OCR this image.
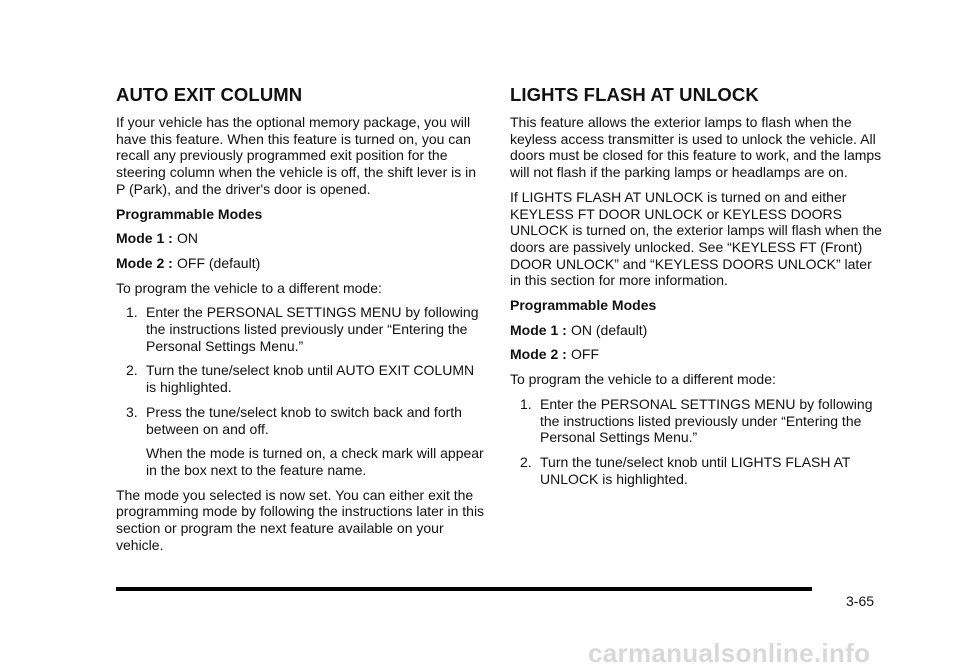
AUTO EXIT COLUMN

If your vehicle has the optional memory package, you will have this feature. When this feature is turned on, you can recall any previously programmed exit position for the steering column when the vehicle is off, the shift lever is in P (Park), and the driver's door is opened.

Programmable Modes

Mode 1 : ON
Mode 2 : OFF (default)

To program the vehicle to a different mode:

1. Enter the PERSONAL SETTINGS MENU by following the instructions listed previously under “Entering the Personal Settings Menu.”
2. Turn the tune/select knob until AUTO EXIT COLUMN is highlighted.
3. Press the tune/select knob to switch back and forth between on and off.

When the mode is turned on, a check mark will appear in the box next to the feature name.

The mode you selected is now set. You can either exit the programming mode by following the instructions later in this section or program the next feature available on your vehicle.

LIGHTS FLASH AT UNLOCK

This feature allows the exterior lamps to flash when the keyless access transmitter is used to unlock the vehicle. All doors must be closed for this feature to work, and the lamps will not flash if the parking lamps or headlamps are on.

If LIGHTS FLASH AT UNLOCK is turned on and either KEYLESS FT DOOR UNLOCK or KEYLESS DOORS UNLOCK is turned on, the exterior lamps will flash when the doors are passively unlocked. See “KEYLESS FT (Front) DOOR UNLOCK” and “KEYLESS DOORS UNLOCK” later in this section for more information.

Programmable Modes

Mode 1 : ON (default)
Mode 2 : OFF

To program the vehicle to a different mode:

1. Enter the PERSONAL SETTINGS MENU by following the instructions listed previously under “Entering the Personal Settings Menu.”
2. Turn the tune/select knob until LIGHTS FLASH AT UNLOCK is highlighted.
3-65
carmanualsonline.info
